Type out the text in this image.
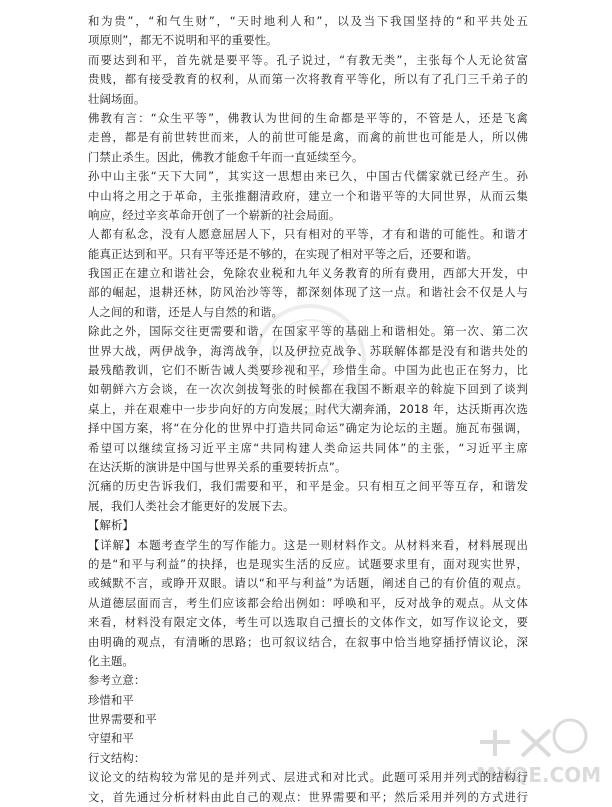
和为贵”，“和气生财”，“天时地利人和”，以及当下我国坚持的“和平共处五
项原则”，都无不说明和平的重要性。
而要达到和平，首先就是要平等。孔子说过，“有教无类”，主张每个人无论贫富
贵贱，都有接受教育的权利，从而第一次将教育平等化，所以有了孔门三千弟子的
壮阔场面。
佛教有言：“众生平等”，佛教认为世间的生命都是平等的，不管是人，还是飞禽
走兽，都是有前世转世而来，人的前世可能是禽，而禽的前世也可能是人，所以佛
门禁止杀生。因此，佛教才能愈千年而一直延续至今。
孙中山主张“天下大同”，其实这一思想由来已久，中国古代儒家就已经产生。孙
中山将之用之于革命，主张推翻清政府，建立一个和谐平等的大同世界，从而云集
响应，经过辛亥革命开创了一个崭新的社会局面。
人都有私念，没有人愿意屈居人下，只有相对的平等，才有和谐的可能性。和谐才
能真正达到和平。只有平等还是不够的，在实现了相对平等之后，还要和谐。
我国正在建立和谐社会，免除农业税和九年义务教育的所有费用，西部大开发，中
部的崛起，退耕还林，防风治沙等等，都深刻体现了这一点。和谐社会不仅是人与
人之间的和谐，还是人与自然的和谐。
除此之外，国际交往更需要和谐，在国家平等的基础上和谐相处。第一次、第二次
世界大战，两伊战争，海湾战争，以及伊拉克战争、苏联解体都是没有和谐共处的
最残酷教训，它们不断告诫人类要珍视和平，珍惜生命。中国为此也正在努力，比
如朝鲜六方会谈，在一次次剑拔弩张的时候都在我国不断艰辛的斡旋下回到了谈判
桌上，并在艰难中一步步向好的方向发展；时代大潮奔涌，2018 年，达沃斯再次选
择中国方案，将“在分化的世界中打造共同命运”确定为论坛的主题。施瓦布强调，
希望可以继续宣扬习近平主席“共同构建人类命运共同体”的主张，“习近平主席
在达沃斯的演讲是中国与世界关系的重要转折点”。
沉痛的历史告诉我们，我们需要和平，和平是金。只有相互之间平等互存，和谐发
展，我们人类社会才能更好的发展下去。
【解析】
【详解】本题考查学生的写作能力。这是一则材料作文。从材料来看，材料展现出
的是“和平与利益”的抉择，也是现实生活的反应。试题要求里有，面对现实世界，
或缄默不言，或睁开双眼。请以“和平与利益”为话题，阐述自己的有价值的观点。
从道德层面而言，考生们应该都会给出例如：呼唤和平，反对战争的观点。从文体
来看，材料没有限定文体，考生可以选取自己擅长的文体作文，如写作议论文，要
由明确的观点，有清晰的思路；也可叙议结合，在叙事中恰当地穿插抒情议论，深
化主题。
参考立意：
珍惜和平
世界需要和平
守望和平
行文结构：
议论文的结构较为常见的是并列式、层进式和对比式。此题可采用并列式的结构行
文，首先通过分析材料由此自己的观点：世界需要和平；然后采用并列的方式进行
MXQE.COM
